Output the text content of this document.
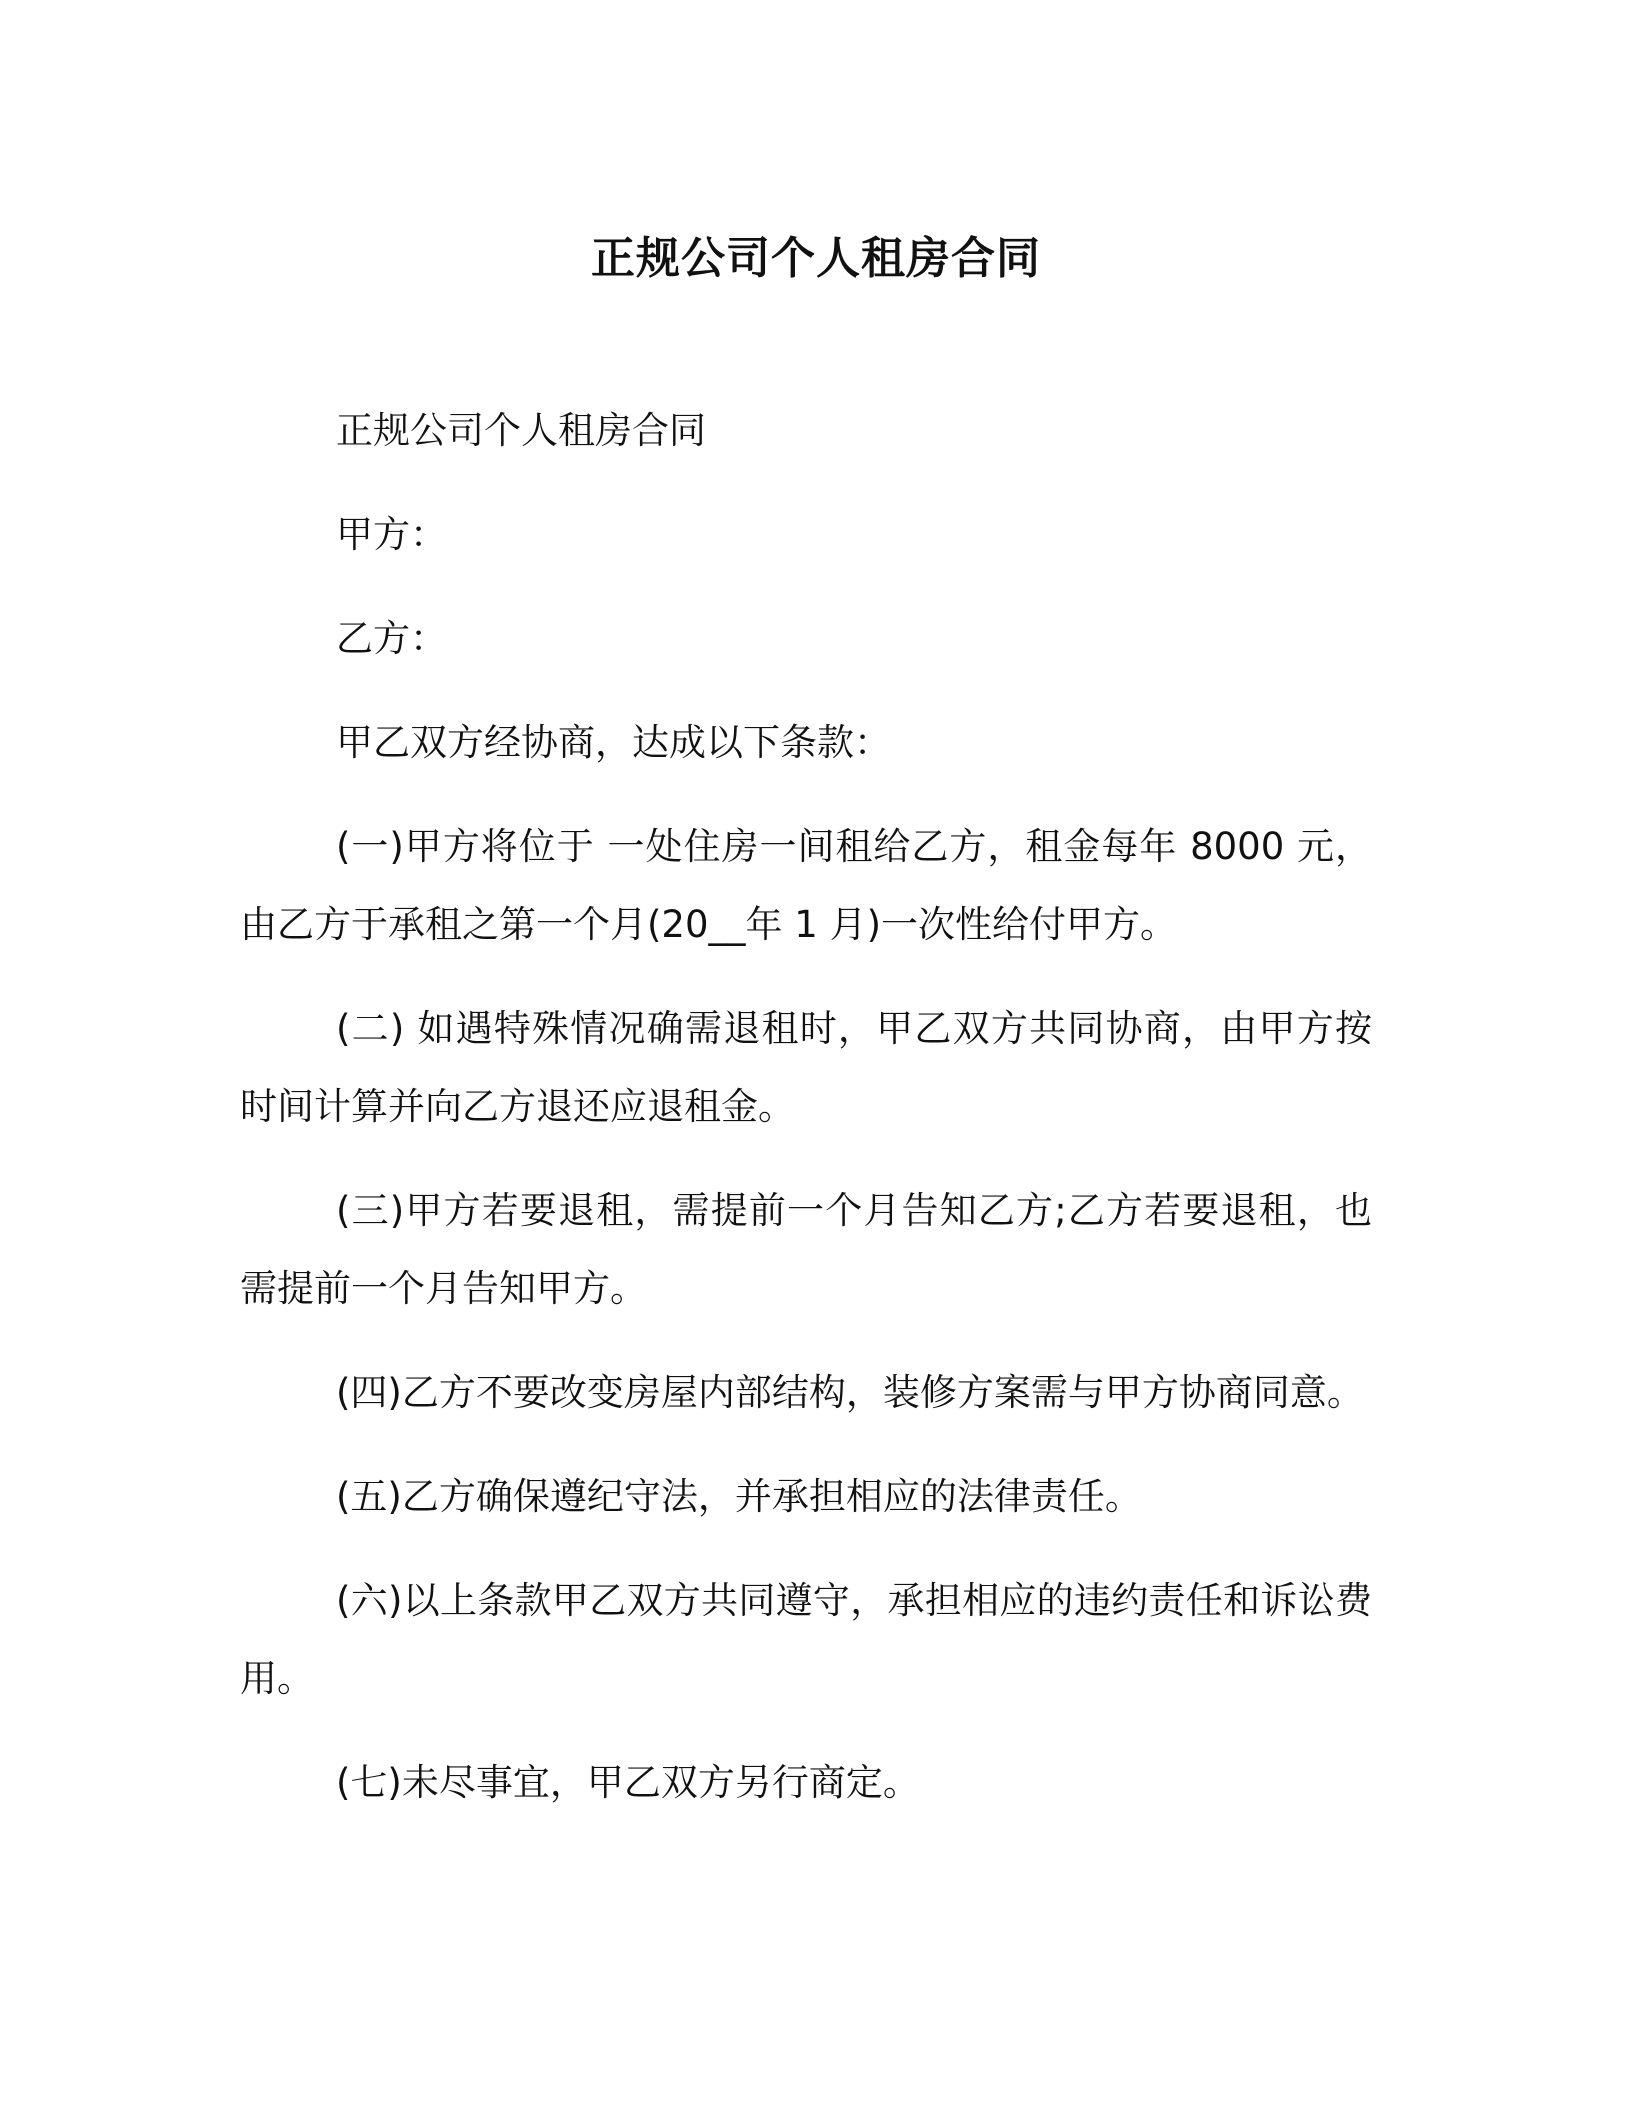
正规公司个人租房合同

正规公司个人租房合同

甲方：

乙方：

甲乙双方经协商，达成以下条款：

(一)甲方将位于 一处住房一间租给乙方，租金每年 8000 元，由乙方于承租之第一个月(20__年 1 月)一次性给付甲方。

(二) 如遇特殊情况确需退租时，甲乙双方共同协商，由甲方按时间计算并向乙方退还应退租金。

(三)甲方若要退租，需提前一个月告知乙方;乙方若要退租，也需提前一个月告知甲方。

(四)乙方不要改变房屋内部结构，装修方案需与甲方协商同意。

(五)乙方确保遵纪守法，并承担相应的法律责任。

(六)以上条款甲乙双方共同遵守，承担相应的违约责任和诉讼费用。

(七)未尽事宜，甲乙双方另行商定。
